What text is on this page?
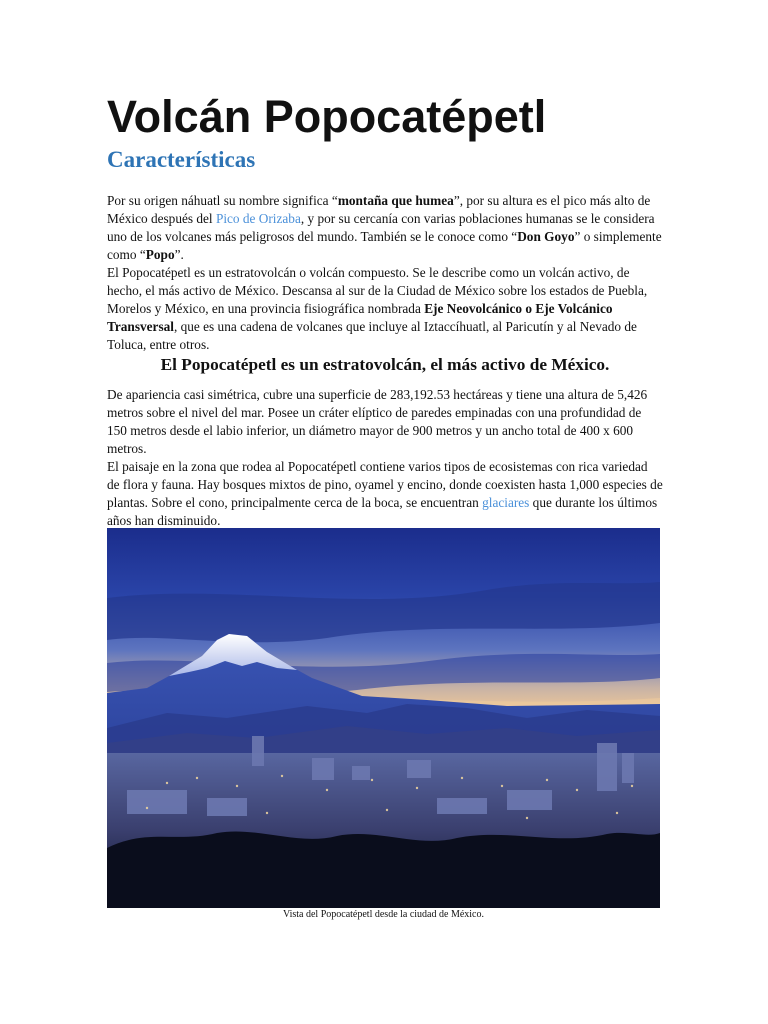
Volcán Popocatépetl
Características

Por su origen náhuatl su nombre significa “montaña que humea”, por su altura es el pico más alto de México después del Pico de Orizaba, y por su cercanía con varias poblaciones humanas se le considera uno de los volcanes más peligrosos del mundo. También se le conoce como “Don Goyo” o simplemente como “Popo”.

El Popocatépetl es un estratovolcán o volcán compuesto. Se le describe como un volcán activo, de hecho, el más activo de México. Descansa al sur de la Ciudad de México sobre los estados de Puebla, Morelos y México, en una provincia fisiográfica nombrada Eje Neovolcánico o Eje Volcánico Transversal, que es una cadena de volcanes que incluye al Iztaccíhuatl, al Paricutín y al Nevado de Toluca, entre otros.

El Popocatépetl es un estratovolcán, el más activo de México.

De apariencia casi simétrica, cubre una superficie de 283,192.53 hectáreas y tiene una altura de 5,426 metros sobre el nivel del mar. Posee un cráter elíptico de paredes empinadas con una profundidad de 150 metros desde el labio inferior, un diámetro mayor de 900 metros y un ancho total de 400 x 600 metros.

El paisaje en la zona que rodea al Popocatépetl contiene varios tipos de ecosistemas con rica variedad de flora y fauna. Hay bosques mixtos de pino, oyamel y encino, donde coexisten hasta 1,000 especies de plantas. Sobre el cono, principalmente cerca de la boca, se encuentran glaciares que durante los últimos años han disminuido.

Vista del Popocatépetl desde la ciudad de México.
